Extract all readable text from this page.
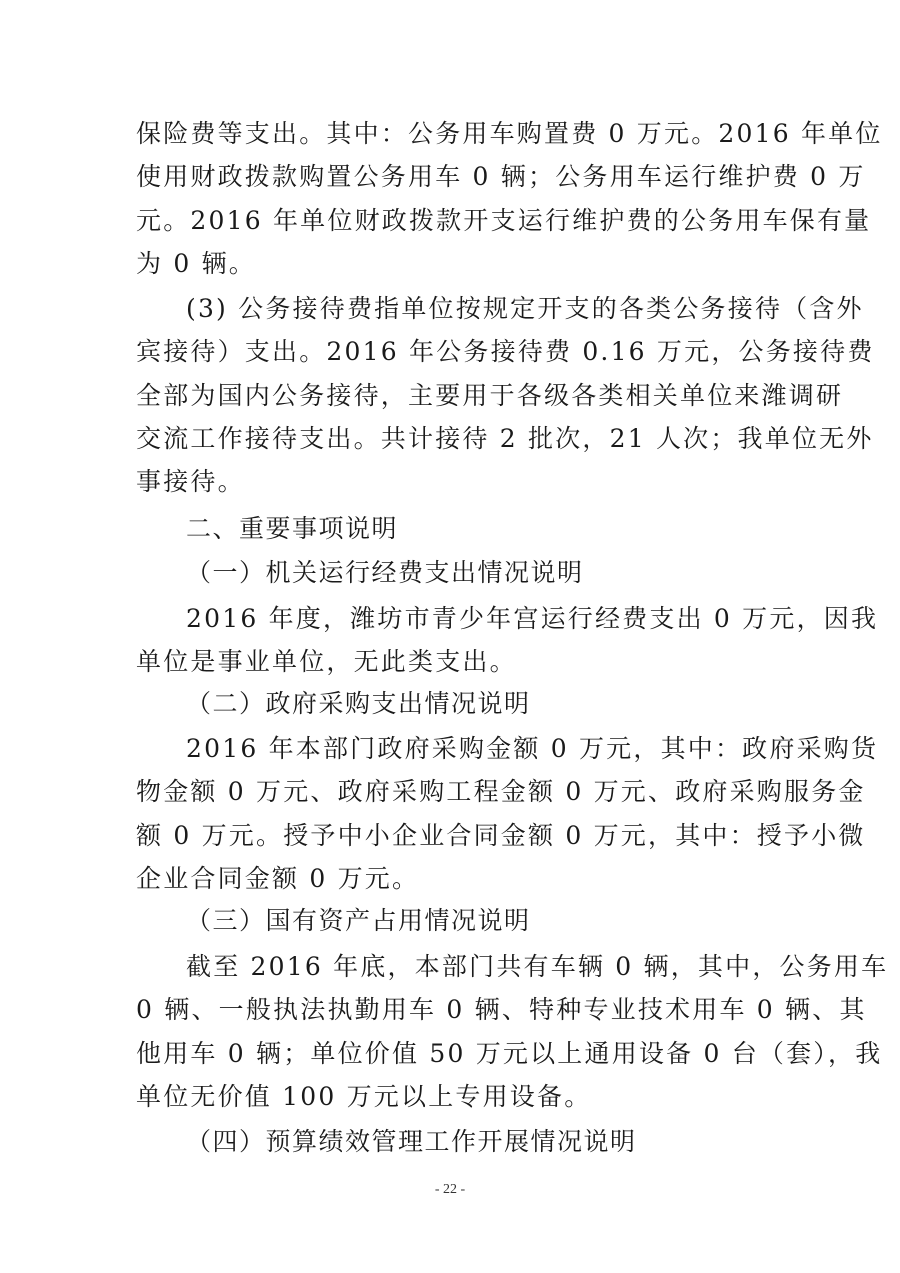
保险费等支出。其中：公务用车购置费 0 万元。2016 年单位
使用财政拨款购置公务用车 0 辆；公务用车运行维护费 0 万
元。2016 年单位财政拨款开支运行维护费的公务用车保有量
为 0 辆。
(3) 公务接待费指单位按规定开支的各类公务接待（含外
宾接待）支出。2016 年公务接待费 0.16 万元，公务接待费
全部为国内公务接待，主要用于各级各类相关单位来潍调研
交流工作接待支出。共计接待 2 批次，21 人次；我单位无外
事接待。
二、重要事项说明
（一）机关运行经费支出情况说明
2016 年度，潍坊市青少年宫运行经费支出 0 万元，因我
单位是事业单位，无此类支出。
（二）政府采购支出情况说明
2016 年本部门政府采购金额 0 万元，其中：政府采购货
物金额 0 万元、政府采购工程金额 0 万元、政府采购服务金
额 0 万元。授予中小企业合同金额 0 万元，其中：授予小微
企业合同金额 0 万元。
（三）国有资产占用情况说明
截至 2016 年底，本部门共有车辆 0 辆，其中，公务用车
0 辆、一般执法执勤用车 0 辆、特种专业技术用车 0 辆、其
他用车 0 辆；单位价值 50 万元以上通用设备 0 台（套），我
单位无价值 100 万元以上专用设备。
（四）预算绩效管理工作开展情况说明
- 22 -
